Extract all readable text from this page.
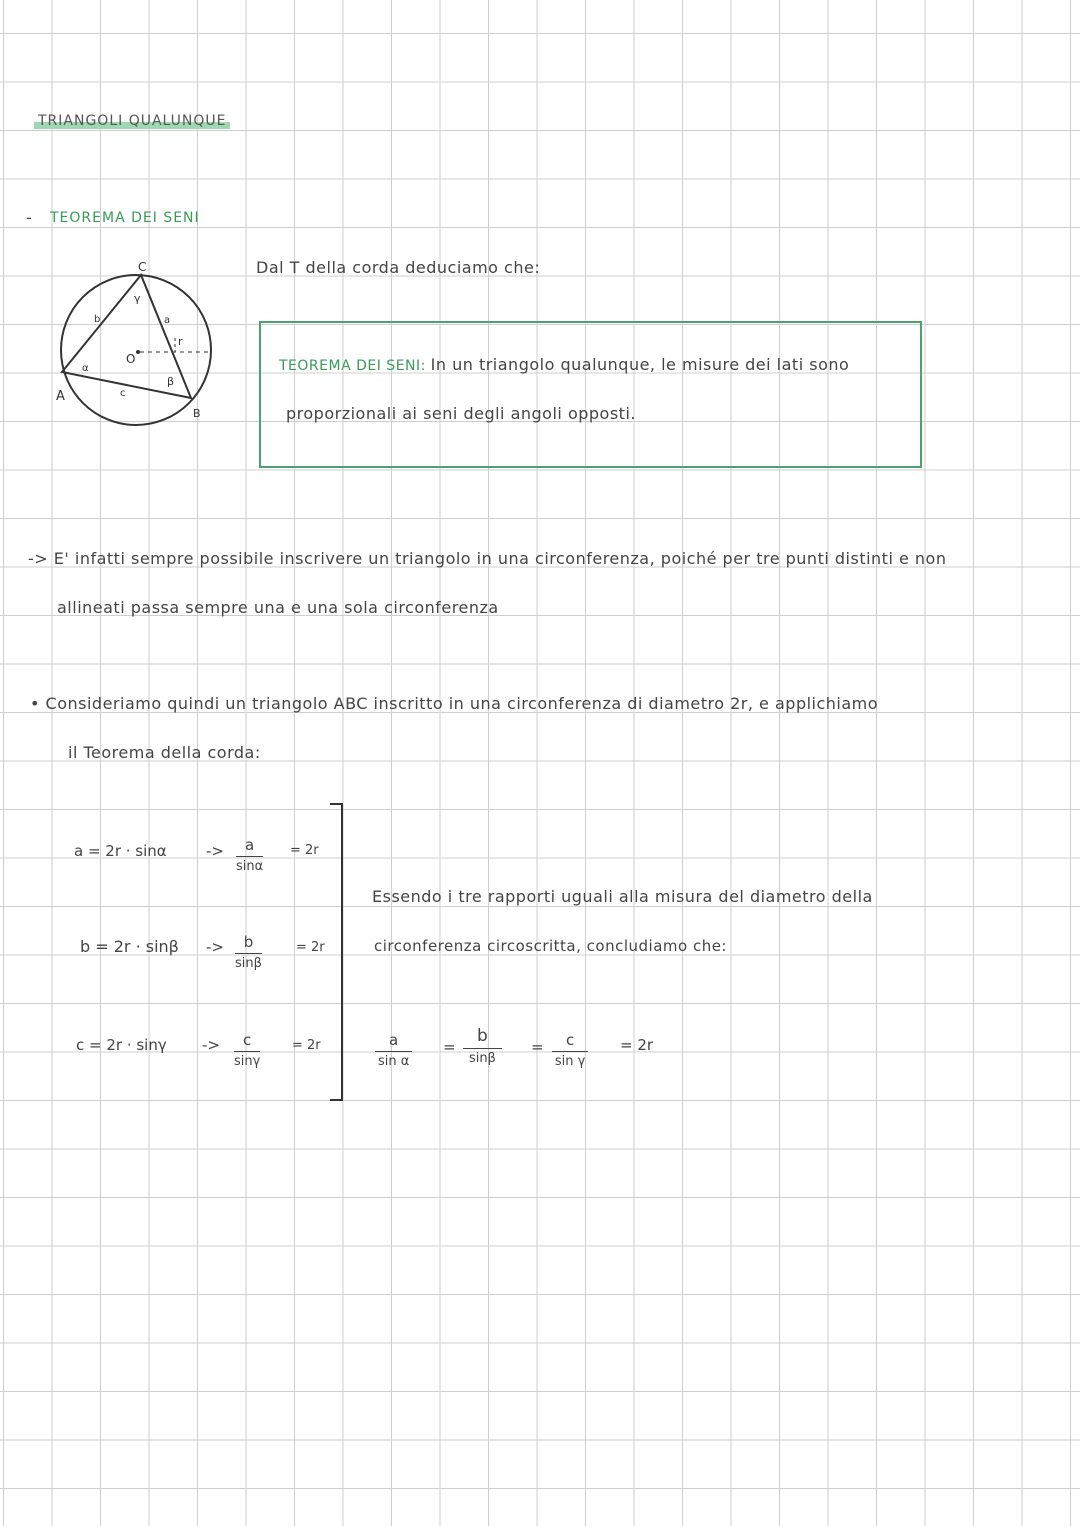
TRIANGOLI QUALUNQUE
- TEOREMA DEI SENI
A
B
C
b	a
c
α
β
γ
O
r
Dal T della corda deduciamo che:
TEOREMA DEI SENI: In un triangolo qualunque, le misure dei lati sono
proporzionali ai seni degli angoli opposti.
-> E' infatti sempre possibile inscrivere un triangolo in una circonferenza, poiché per tre punti distinti e non
allineati passa sempre una e una sola circonferenza
• Consideriamo quindi un triangolo ABC inscritto in una circonferenza di diametro 2r, e applichiamo
il Teorema della corda:
a = 2r · sinα	-> $\frac{a}{\sin\alpha} = 2r$
$b = 2r \cdot \sin\beta -> \frac{b}{\sin\beta}$	= 2r
$c = 2r \cdot \sin\gamma -> \frac{c}{\sin\gamma} = 2r$
Essendo i tre rapporti uguali alla misura del diametro della
circonferenza circoscritta, concludiamo che:
$\frac{a}{\text{sin α}}$ =
b
sinβ
= $\frac{c}{\text{sin γ}} = 2r$
